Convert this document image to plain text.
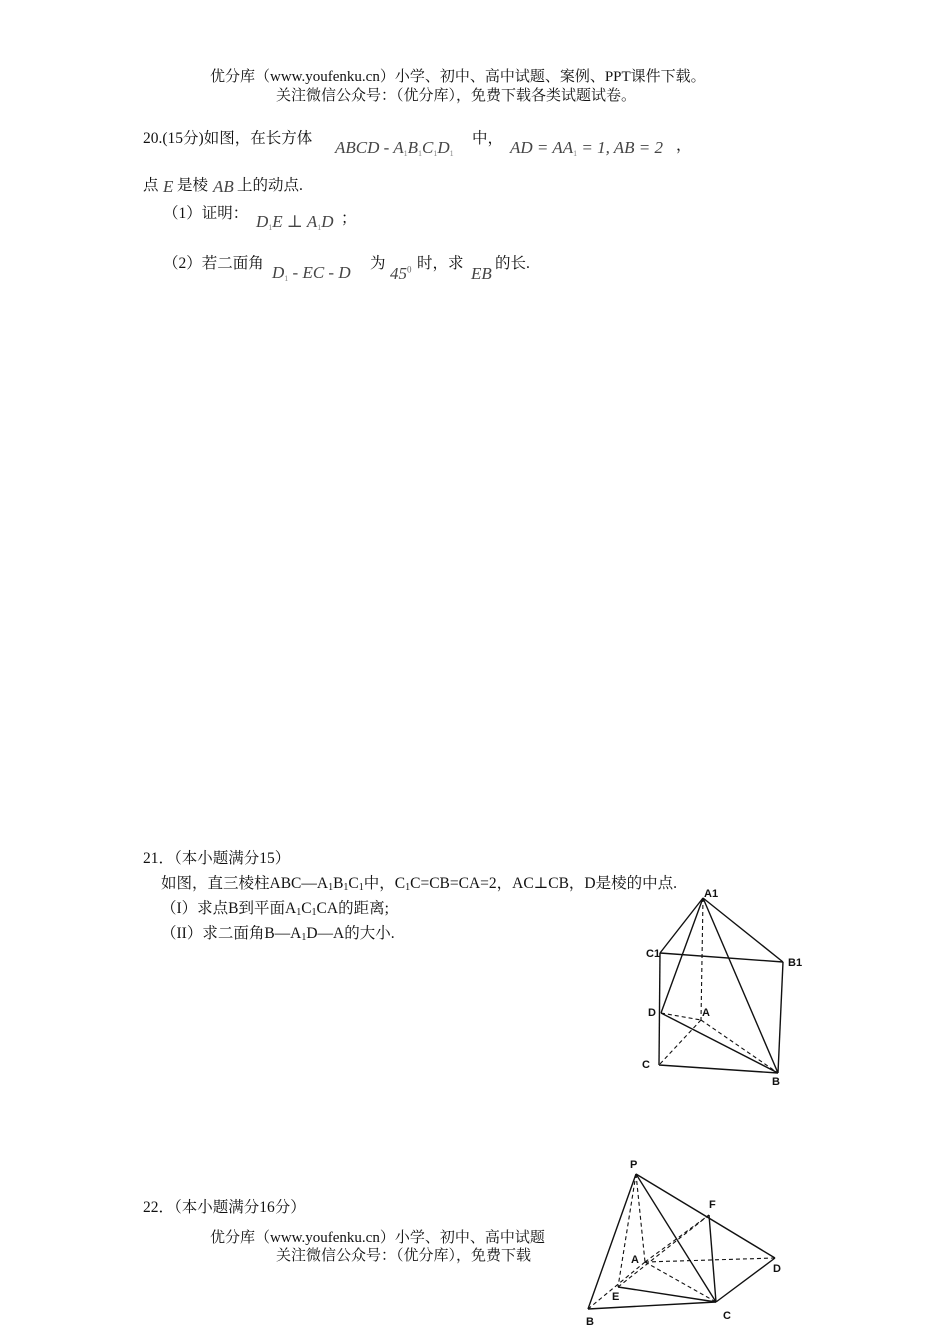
优分库（www.youfenku.cn）小学、初中、高中试题、案例、PPT课件下载。
关注微信公众号：（优分库），免费下载各类试题试卷。
20.(15分)如图，在长方体 ABCD - $A_1B_1C_1D_1$
中， AD = $AA_1 = 1$, AB = 2 ，
点 E 是棱 AB 上的动点.
（1）证明： $D_1E$ ⊥ $A_1D$ ；
（2）若二面角 $D_1$ - EC - D 为
$45^0$ 时，求
EB
的长.
21．（本小题满分15）
如图，直三棱柱$ABC—A_1B_1C_1$中，$C_1C=CB=CA=2$，AC⊥CB，D是棱的中点.
（I）求点B到平面$A_1C_1CA$的距离;
（II）求二面角$B—A_1D—A$的大小.
A1
C1
B1
D	A
C
B
22．（本小题满分16分）
P
F
A
D
E
C
B
优分库（www.youfenku.cn）小学、初中、高中试题
关注微信公众号：（优分库），免费下载
